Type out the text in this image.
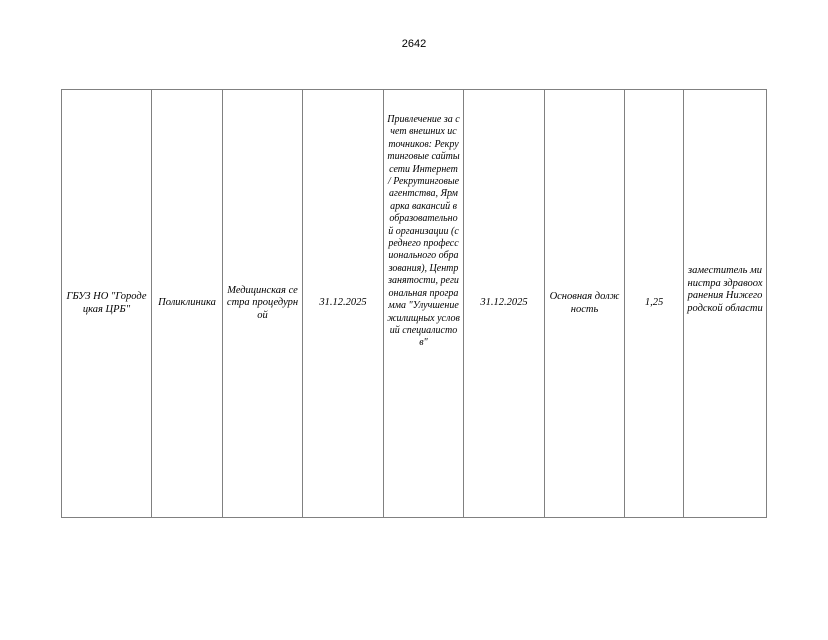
2642
ГБУЗ НО "Городецкая ЦРБ"	Поликлиника	Медицинская сестра процедурной	31.12.2025	Привлечение за счет внешних источников: Рекрутинговые сайты сети Интернет / Рекрутинговые агентства, Ярмарка вакансий в образовательной организации (среднего профессионального образования), Центр занятости, региональная программа "Улучшение жилищных условий специалистов"	31.12.2025	Основная должность	1,25	заместитель министра здравоохранения Нижегородской области
